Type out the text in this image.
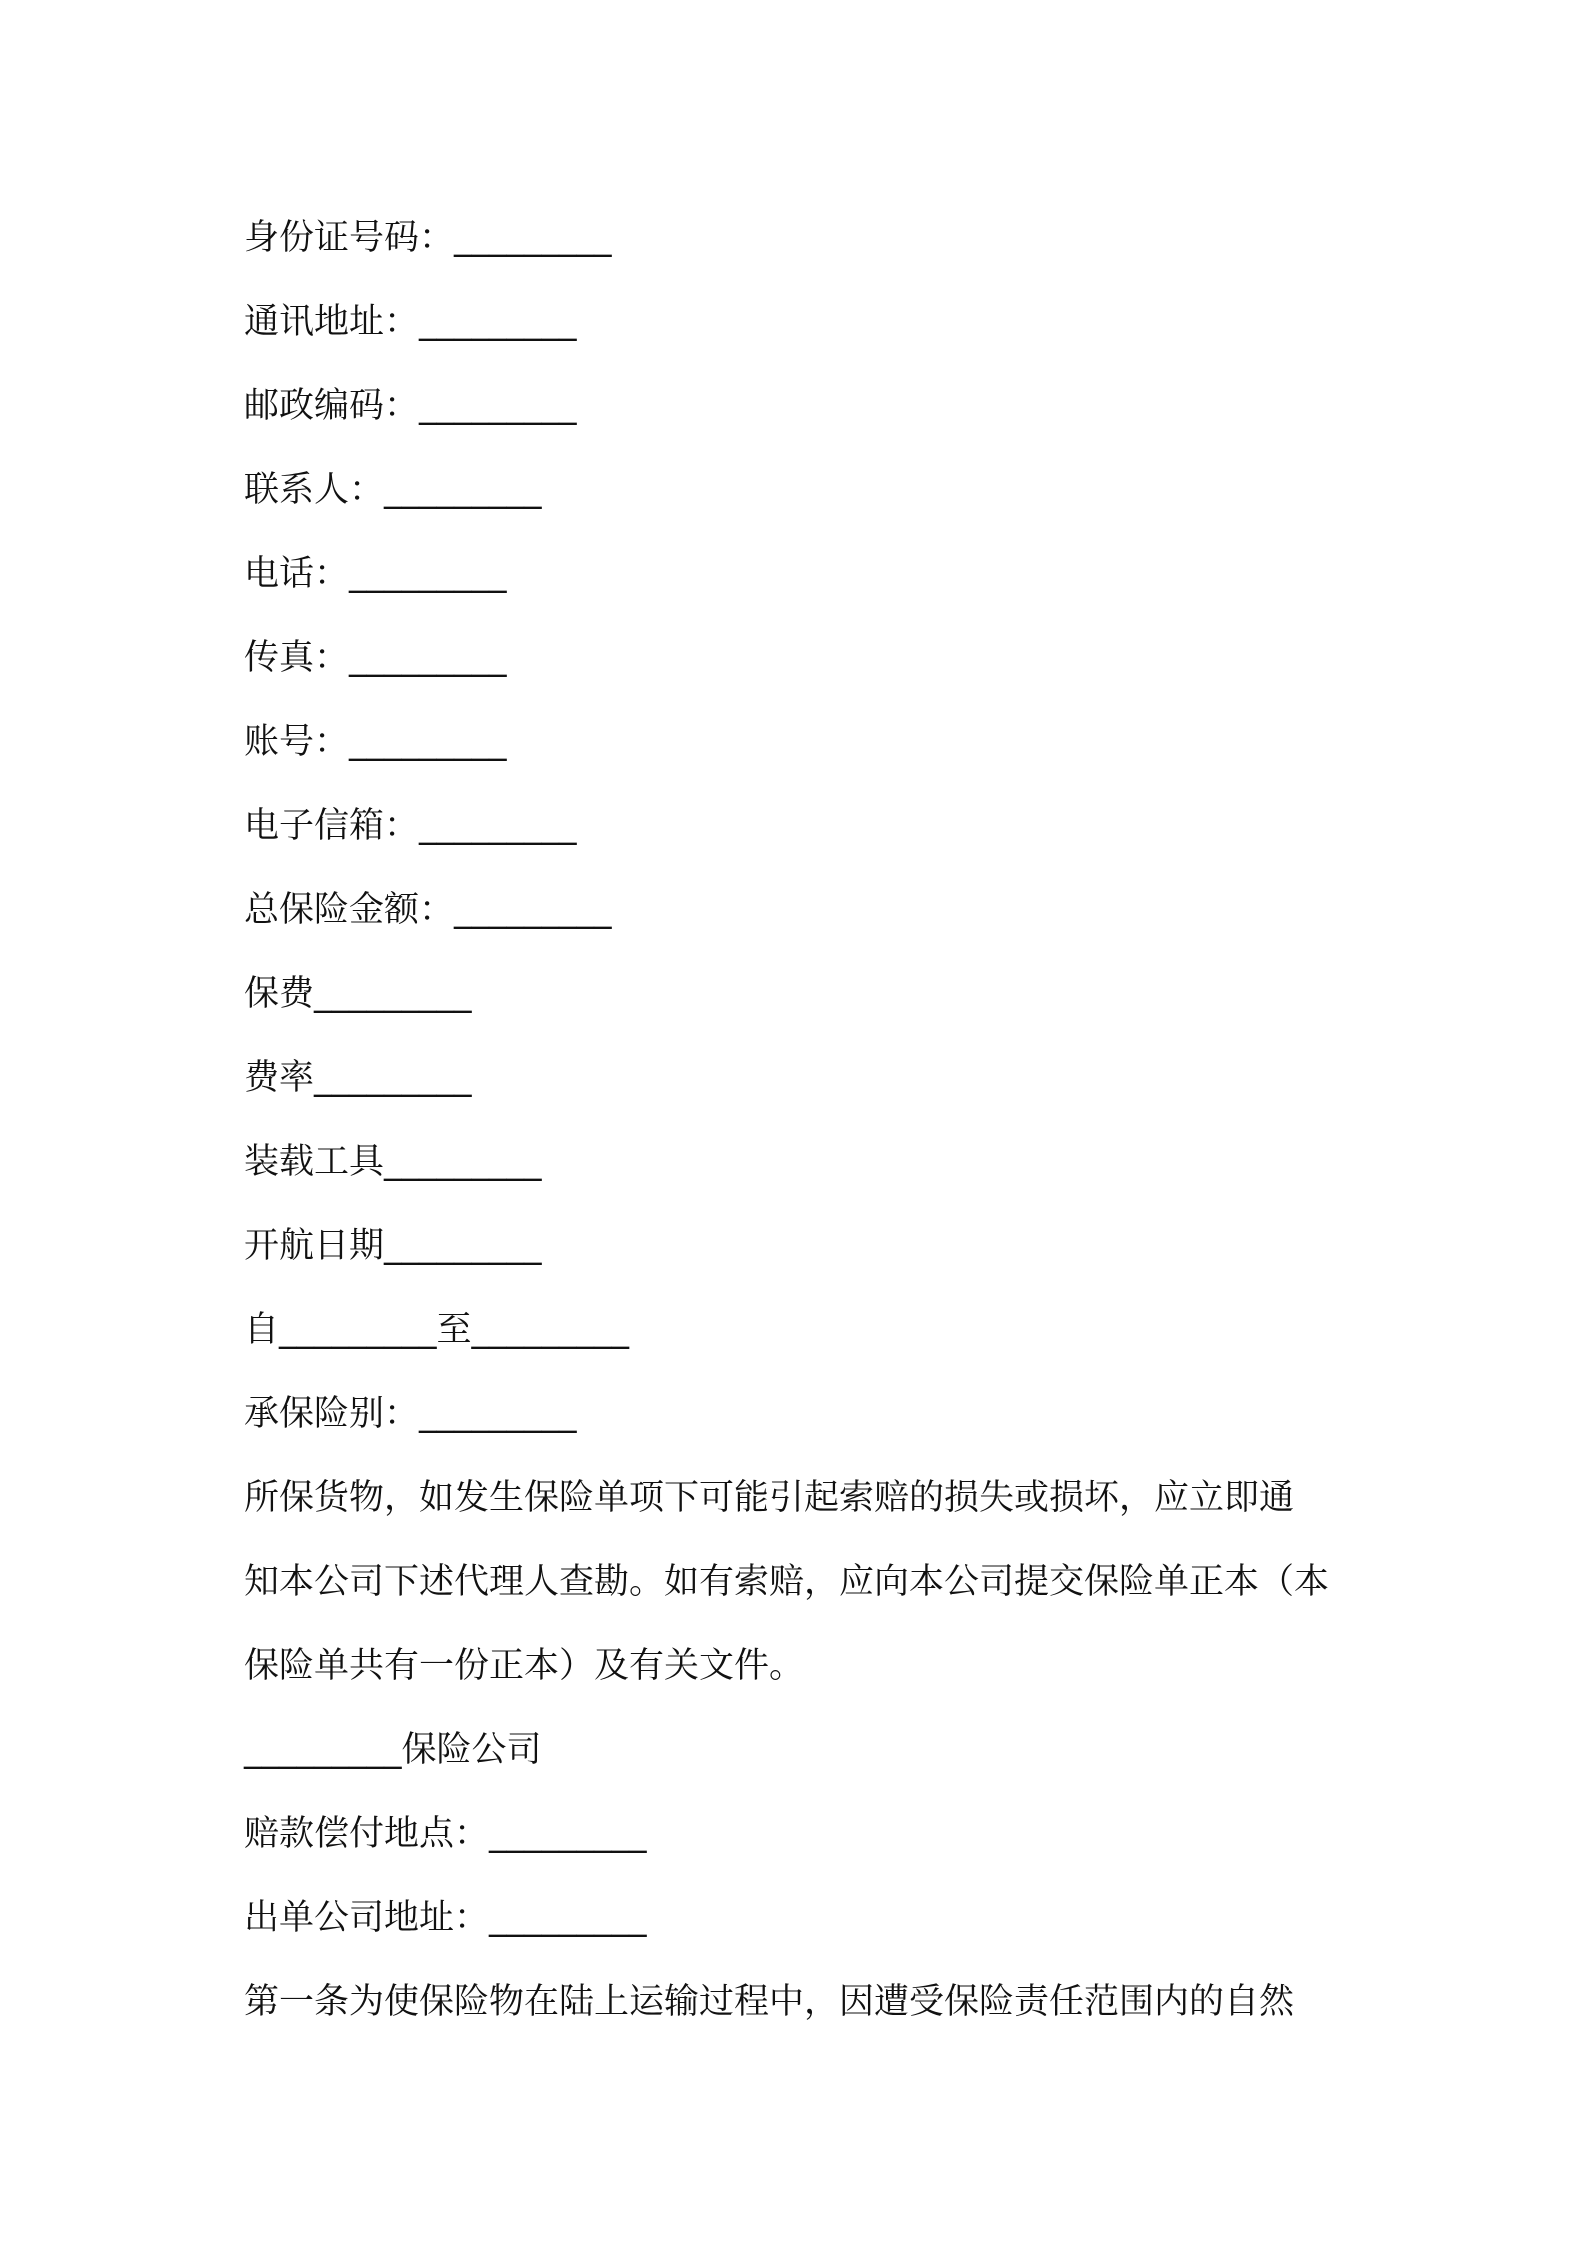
身份证号码：_________

通讯地址：_________

邮政编码：_________

联系人：_________

电话：_________

传真：_________

账号：_________

电子信箱：_________

总保险金额：_________

保费_________

费率_________

装载工具_________

开航日期_________

自_________至_________

承保险别：_________

所保货物，如发生保险单项下可能引起索赔的损失或损坏，应立即通
知本公司下述代理人查勘。如有索赔，应向本公司提交保险单正本（本
保险单共有一份正本）及有关文件。

_________保险公司

赔款偿付地点：_________

出单公司地址：_________

第一条为使保险物在陆上运输过程中，因遭受保险责任范围内的自然
